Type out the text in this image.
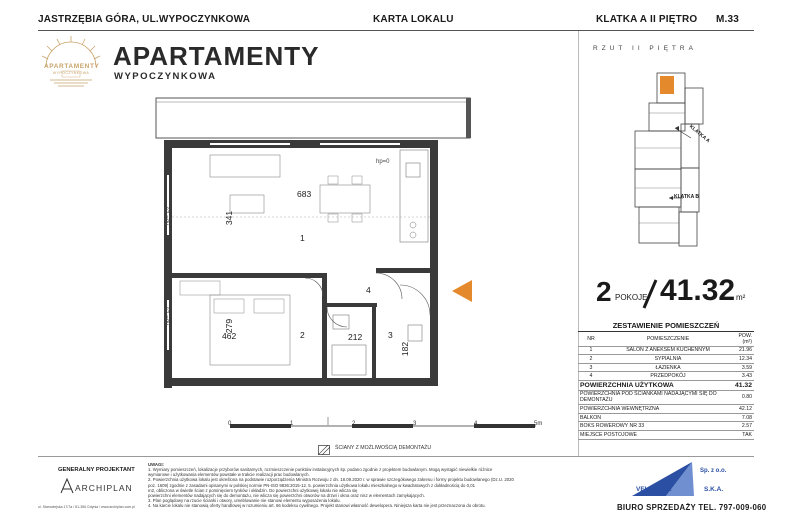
JASTRZĘBIA GÓRA, UL.WYPOCZYNKOWA	KARTA LOKALU	KLATKA A II PIĘTRO M.33
APARTAMENTY
WYPOCZYNKOWA
APARTAMENTY
WYPOCZYNKOWA
683
341
279
462	212
182
1
2	3
4
hp=0
hp=-20
hp=-20
0	1	2	3	4	5m
ŚCIANY Z MOŻLIWOŚCIĄ DEMONTAŻU
RZUT II PIĘTRA
KLATKA A
KLATKA B
2 POKOJE 41.32 m²
ZESTAWIENIE POMIESZCZEŃ
NR	POMIESZCZENIE	POW. (m²)
1	SALON Z ANEKSEM KUCHENNYM	21.96
2	SYPIALNIA	12.34
3	ŁAZIENKA	3.59
4	PRZEDPOKÓJ	3.43
POWIERZCHNIA UŻYTKOWA		41.32
POWIERZCHNIA POD ŚCIANKAMI NADAJĄCYMI SIĘ DO DEMONTAŻU		0.80
POWIERZCHNIA WEWNĘTRZNA		42.12
BALKON		7.08
BOKS ROWEROWY NR 33		2.57
MIEJSCE POSTOJOWE		TAK
GENERALNY PROJEKTANT
ARCHIPLAN
ul. Starowiejska 17/7a / 81-356 Gdynia / www.archiplan.com.pl
UWAGI:
1. Wymiary pomieszczeń, lokalizacje przyborów sanitarnych, rozmieszczenie punktów instalacyjnych itp. podano zgodnie z projektem budowlanym. Mogą wystąpić niewielkie różnice
wymiarowe i użytkowania elementów powstałe w trakcie realizacji prac budowlanych.
2. Powierzchnia użytkowa lokalu jest określona na podstawie rozporządzenia Ministra Rozwoju z dn. 18.09.2020 r. w sprawie szczegółowego zakresu i formy projektu budowlanego (Dz.U. 2020
poz. 1609) zgodnie z zasadami opisanymi w polskiej normie PN-ISO 9836:2015-12. 5. powierzchnia użytkowa lokalu mieszkalnego w kwadratowych z dokładnością do 0,01
m2, obliczona w świetle ścian z pominięciem tynków i okładzin. Do powierzchni użytkowej lokalu nie wlicza się
powierzchni elementów nadających się do demontażu, nie wlicza się powierzchni otworów na drzwi i okna oraz nisz w elementach zamykających.
3. Plan poglądowy na rzucie ścianki i otwory, umeblowanie nie stanowi elementu wyposażenia lokalu.
4. Na karcie lokalu nie stanowią oferty handlowej w rozumieniu art. 66 kodeksu cywilnego. Projekt stanowi własność dewelopera. Niniejsza karta nie jest przeznaczona do obrotu.
Sp. z o.o.
VELMIS GK	S.K.A.
BIURO SPRZEDAŻY TEL. 797-009-060
